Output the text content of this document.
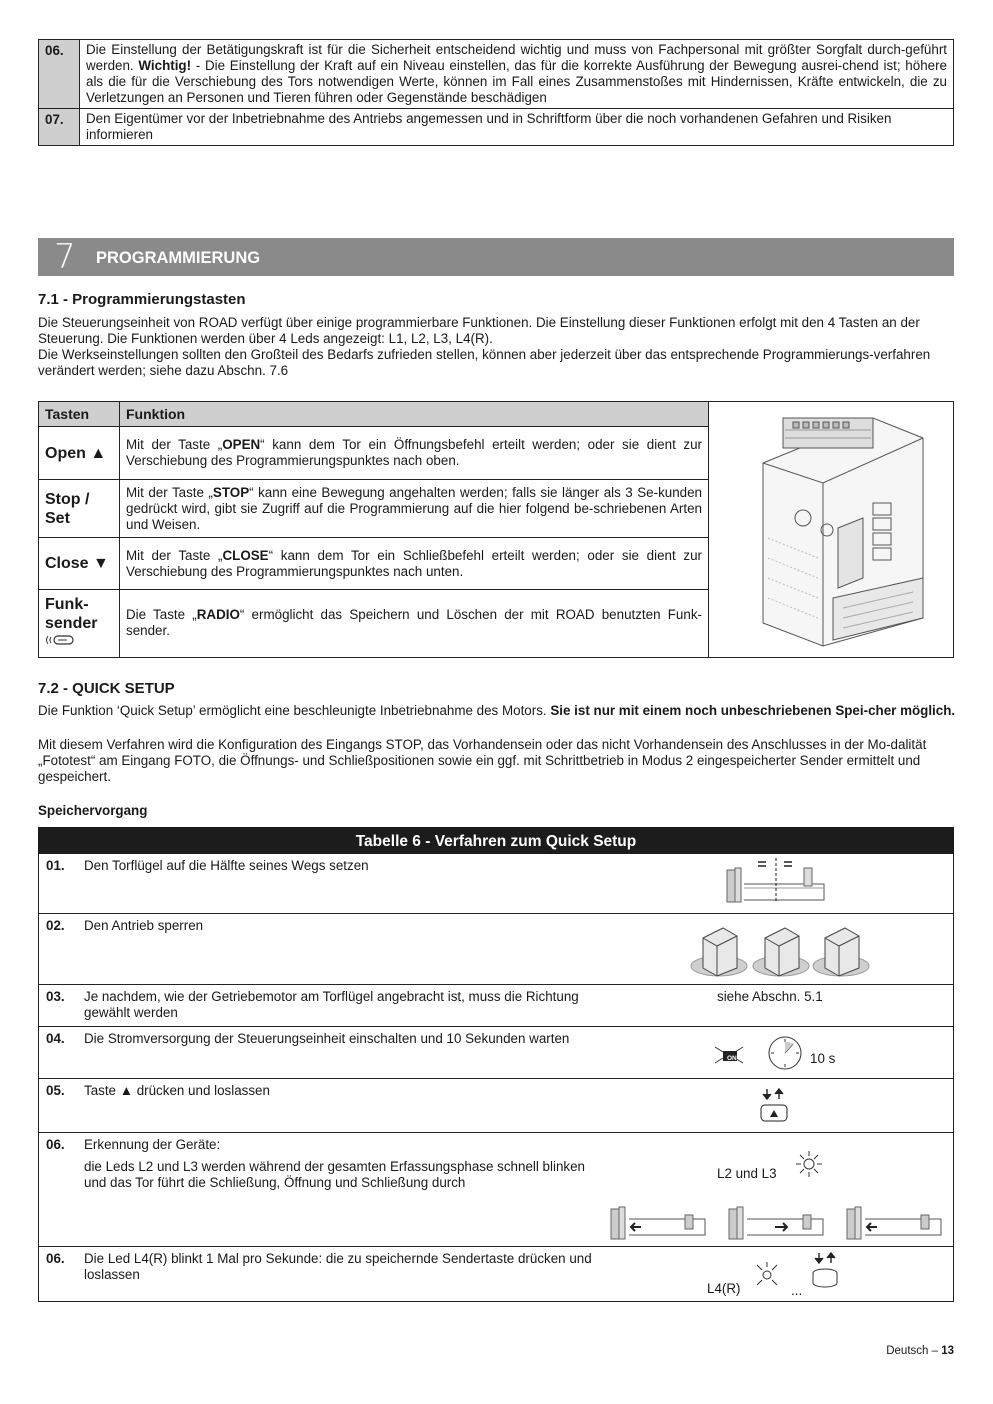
06.	Die Einstellung der Betätigungskraft ist für die Sicherheit entscheidend wichtig und muss von Fachpersonal mit größter Sorgfalt durch-geführt werden. Wichtig! - Die Einstellung der Kraft auf ein Niveau einstellen, das für die korrekte Ausführung der Bewegung ausrei-chend ist; höhere als die für die Verschiebung des Tors notwendigen Werte, können im Fall eines Zusammenstoßes mit Hindernissen, Kräfte entwickeln, die zu Verletzungen an Personen und Tieren führen oder Gegenstände beschädigen
07.	Den Eigentümer vor der Inbetriebnahme des Antriebs angemessen und in Schriftform über die noch vorhandenen Gefahren und Risiken informieren
7 PROGRAMMIERUNG
7.1 - Programmierungstasten

Die Steuerungseinheit von ROAD verfügt über einige programmierbare Funktionen. Die Einstellung dieser Funktionen erfolgt mit den 4 Tasten an der Steuerung. Die Funktionen werden über 4 Leds angezeigt: L1, L2, L3, L4(R).

Die Werkseinstellungen sollten den Großteil des Bedarfs zufrieden stellen, können aber jederzeit über das entsprechende Programmierungs-verfahren verändert werden; siehe dazu Abschn. 7.6

Tasten	Funktion
Open ▲	Mit der Taste „OPEN“ kann dem Tor ein Öffnungsbefehl erteilt werden; oder sie dient zur Verschiebung des Programmierungspunktes nach oben.
Stop /
Set	Mit der Taste „STOP“ kann eine Bewegung angehalten werden; falls sie länger als 3 Se-kunden gedrückt wird, gibt sie Zugriff auf die Programmierung auf die hier folgend be-schriebenen Arten und Weisen.
Close ▼	Mit der Taste „CLOSE“ kann dem Tor ein Schließbefehl erteilt werden; oder sie dient zur Verschiebung des Programmierungspunktes nach unten.
Funk-
sender	Die Taste „RADIO“ ermöglicht das Speichern und Löschen der mit ROAD benutzten Funk-sender.
7.2 - QUICK SETUP

Die Funktion ‘Quick Setup’ ermöglicht eine beschleunigte Inbetriebnahme des Motors. Sie ist nur mit einem noch unbeschriebenen Spei-cher möglich.

Mit diesem Verfahren wird die Konfiguration des Eingangs STOP, das Vorhandensein oder das nicht Vorhandensein des Anschlusses in der Mo-dalität „Fototest“ am Eingang FOTO, die Öffnungs- und Schließpositionen sowie ein ggf. mit Schrittbetrieb in Modus 2 eingespeicherter Sender ermittelt und gespeichert.

Speichervorgang

Tabelle 6 - Verfahren zum Quick Setup
01. Den Torflügel auf die Hälfte seines Wegs setzen
02. Den Antrieb sperren
03. Je nachdem, wie der Getriebemotor am Torflügel angebracht ist, muss die Richtung gewählt werden
siehe Abschn. 5.1
04. Die Stromversorgung der Steuerungseinheit einschalten und 10 Sekunden warten
ON	10 s
05. Taste ▲ drücken und loslassen
06. Erkennung der Geräte:
die Leds L2 und L3 werden während der gesamten Erfassungsphase schnell blinken und das Tor führt die Schließung, Öffnung und Schließung durch
L2 und L3
06. Die Led L4(R) blinkt 1 Mal pro Sekunde: die zu speichernde Sendertaste drücken und loslassen
L4(R)	...
Deutsch – 13
